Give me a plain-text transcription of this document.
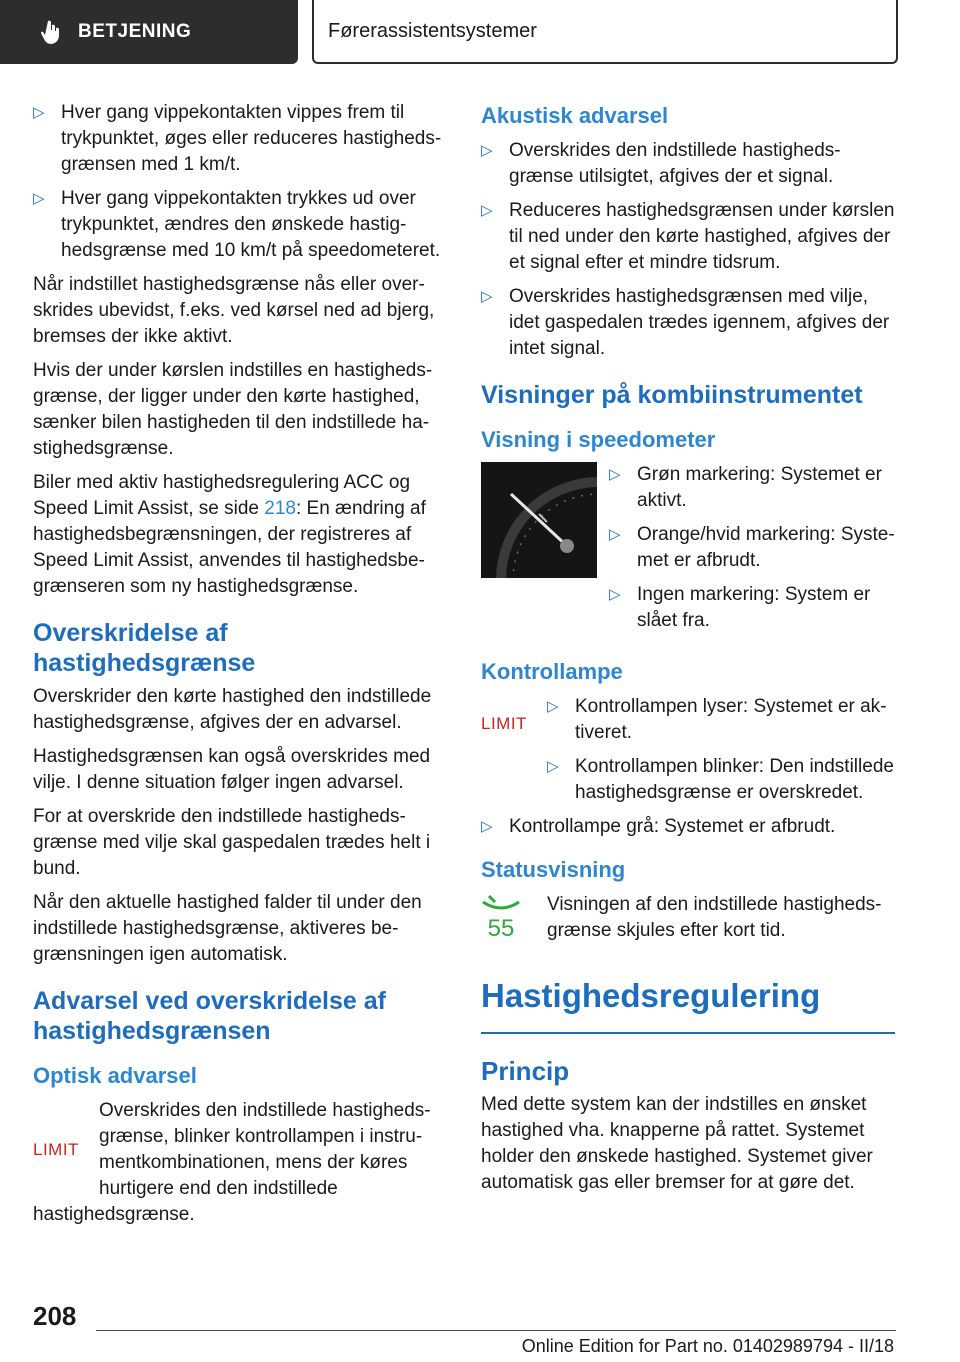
BETJENING	Førerassistentsystemer
▷ Hver gang vippekontakten vippes frem til trykpunktet, øges eller reduceres hastighedsgrænsen med 1 km/t.
▷ Hver gang vippekontakten trykkes ud over trykpunktet, ændres den ønskede hastighedsgrænse med 10 km/t på speedometeret.

Når indstillet hastighedsgrænse nås eller overskrides ubevidst, f.eks. ved kørsel ned ad bjerg, bremses der ikke aktivt.

Hvis der under kørslen indstilles en hastighedsgrænse, der ligger under den kørte hastighed, sænker bilen hastigheden til den indstillede hastighedsgrænse.

Biler med aktiv hastighedsregulering ACC og Speed Limit Assist, se side 218: En ændring af hastighedsbegrænsningen, der registreres af Speed Limit Assist, anvendes til hastighedsbegrænseren som ny hastighedsgrænse.

Overskridelse af hastighedsgrænse

Overskrider den kørte hastighed den indstillede hastighedsgrænse, afgives der en advarsel.

Hastighedsgrænsen kan også overskrides med vilje. I denne situation følger ingen advarsel.

For at overskride den indstillede hastighedsgrænse med vilje skal gaspedalen trædes helt i bund.

Når den aktuelle hastighed falder til under den indstillede hastighedsgrænse, aktiveres begrænsningen igen automatisk.

Advarsel ved overskridelse af hastighedsgrænsen
Optisk advarsel
LIMIT

Overskrides den indstillede hastighedsgrænse, blinker kontrollampen i instrumentkombinationen, mens der køres hurtigere end den indstillede hastighedsgrænse.

Akustisk advarsel
▷ Overskrides den indstillede hastighedsgrænse utilsigtet, afgives der et signal.
▷ Reduceres hastighedsgrænsen under kørslen til ned under den kørte hastighed, afgives der et signal efter et mindre tidsrum.
▷ Overskrides hastighedsgrænsen med vilje, idet gaspedalen trædes igennem, afgives der intet signal.
Visninger på kombiinstrumentet
Visning i speedometer
▷ Grøn markering: Systemet er aktivt.
▷ Orange/hvid markering: Systemet er afbrudt.
▷ Ingen markering: System er slået fra.
Kontrollampe
LIMIT
▷ Kontrollampen lyser: Systemet er aktiveret.
▷ Kontrollampen blinker: Den indstillede hastighedsgrænse er overskredet.
▷ Kontrollampe grå: Systemet er afbrudt.
Statusvisning
55

Visningen af den indstillede hastighedsgrænse skjules efter kort tid.

Hastighedsregulering
Princip

Med dette system kan der indstilles en ønsket hastighed vha. knapperne på rattet. Systemet holder den ønskede hastighed. Systemet giver automatisk gas eller bremser for at gøre det.

208
Online Edition for Part no. 01402989794 - II/18
